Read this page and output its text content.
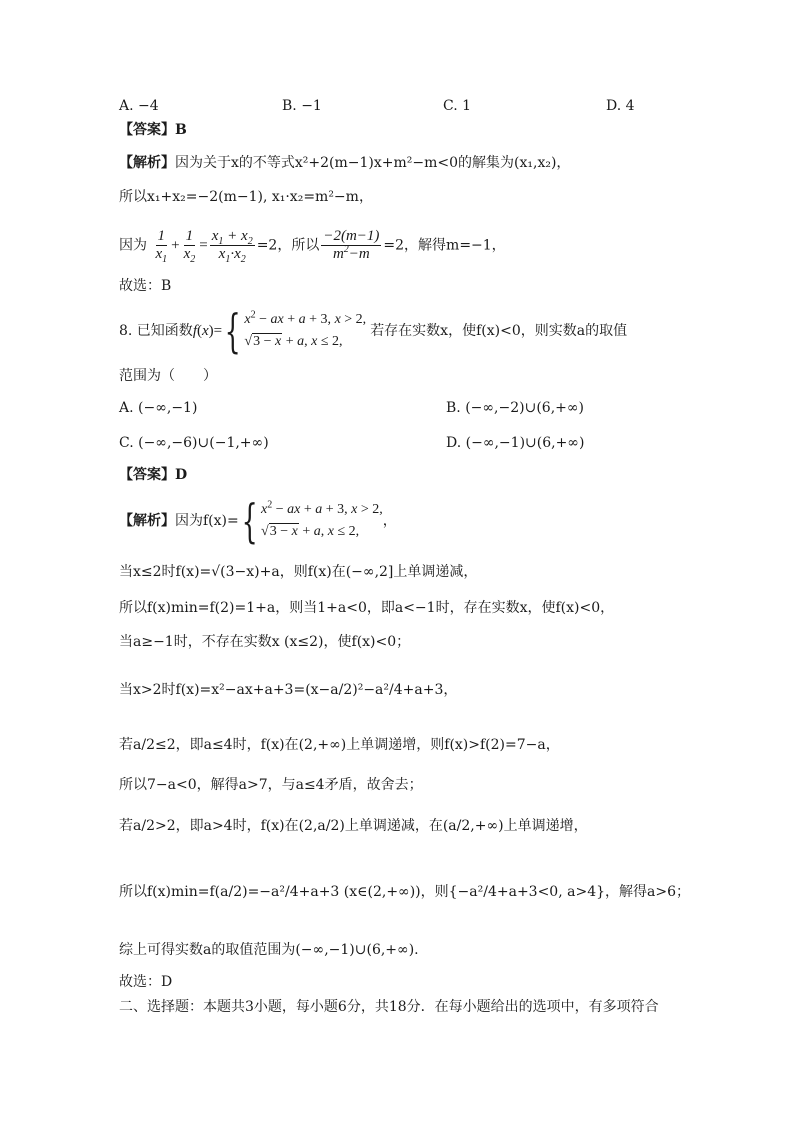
A. −4	B. −1	C. 1	D. 4
【答案】B
【解析】因为关于x的不等式x²+2(m−1)x+m²−m<0的解集为(x₁,x₂)，
所以x₁+x₂=−2(m−1), x₁·x₂=m²−m，
因为 $\frac{1}{x_1} + \frac{1}{x_2} = \frac{x_1 + x_2}{x_1\cdot x_2} =2$，所以 $\frac{-2(m-1)}{m^2-m} =2$，解得m=−1，
故选：B
8. 已知函数f(x)= { $x^2$ − ax + a + 3, x > 2,
√3 − x + a, x ≤ 2,
若存在实数x，使f(x)<0，则实数a的取值
范围为（　　）
A. (−∞,−1)	B. (−∞,−2)∪(6,+∞)
C. (−∞,−6)∪(−1,+∞)	D. (−∞,−1)∪(6,+∞)
【答案】D
【解析】因为f(x)= { $x^2$ − ax + a + 3, x > 2,
√3 − x + a, x ≤ 2,
，
当x≤2时f(x)=√(3−x)+a，则f(x)在(−∞,2]上单调递减，
所以f(x)min=f(2)=1+a，则当1+a<0，即a<−1时，存在实数x，使f(x)<0，
当a≥−1时，不存在实数x (x≤2)，使f(x)<0；
当x>2时f(x)=x²−ax+a+3=(x−a/2)²−a²/4+a+3，
若a/2≤2，即a≤4时，f(x)在(2,+∞)上单调递增，则f(x)>f(2)=7−a，
所以7−a<0，解得a>7，与a≤4矛盾，故舍去；
若a/2>2，即a>4时，f(x)在(2,a/2)上单调递减，在(a/2,+∞)上单调递增，
所以f(x)min=f(a/2)=−a²/4+a+3 (x∈(2,+∞))，则{−a²/4+a+3<0, a>4}，解得a>6；
综上可得实数a的取值范围为(−∞,−1)∪(6,+∞).
故选：D
二、选择题：本题共3小题，每小题6分，共18分．在每小题给出的选项中，有多项符合
